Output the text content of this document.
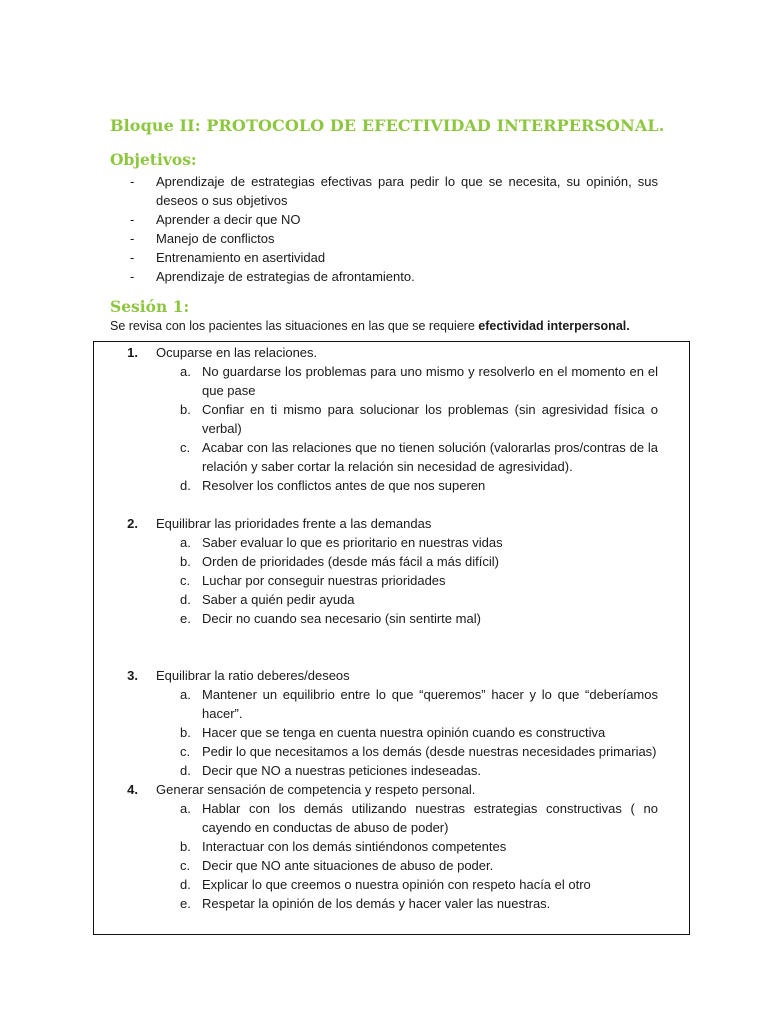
Bloque II: PROTOCOLO DE EFECTIVIDAD INTERPERSONAL.
Objetivos:
- Aprendizaje de estrategias efectivas para pedir lo que se necesita, su opinión, sus deseos o sus objetivos
- Aprender a decir que NO
- Manejo de conflictos
- Entrenamiento en asertividad
- Aprendizaje de estrategias de afrontamiento.
Sesión 1:

Se revisa con los pacientes las situaciones en las que se requiere efectividad interpersonal.

1.	Ocuparse en las relaciones.
a. No guardarse los problemas para uno mismo y resolverlo en el momento en el que pase
b. Confiar en ti mismo para solucionar los problemas (sin agresividad física o verbal)
c. Acabar con las relaciones que no tienen solución (valorarlas pros/contras de la relación y saber cortar la relación sin necesidad de agresividad).
d. Resolver los conflictos antes de que nos superen
2.	Equilibrar las prioridades frente a las demandas
a. Saber evaluar lo que es prioritario en nuestras vidas
b. Orden de prioridades (desde más fácil a más difícil)
c. Luchar por conseguir nuestras prioridades
d. Saber a quién pedir ayuda
e. Decir no cuando sea necesario (sin sentirte mal)
3.	Equilibrar la ratio deberes/deseos
a. Mantener un equilibrio entre lo que “queremos” hacer y lo que “deberíamos hacer”.
b. Hacer que se tenga en cuenta nuestra opinión cuando es constructiva
c. Pedir lo que necesitamos a los demás (desde nuestras necesidades primarias)
d. Decir que NO a nuestras peticiones indeseadas.
4.	Generar sensación de competencia y respeto personal.
a. Hablar con los demás utilizando nuestras estrategias constructivas ( no cayendo en conductas de abuso de poder)
b. Interactuar con los demás sintiéndonos competentes
c. Decir que NO ante situaciones de abuso de poder.
d. Explicar lo que creemos o nuestra opinión con respeto hacía el otro
e. Respetar la opinión de los demás y hacer valer las nuestras.
